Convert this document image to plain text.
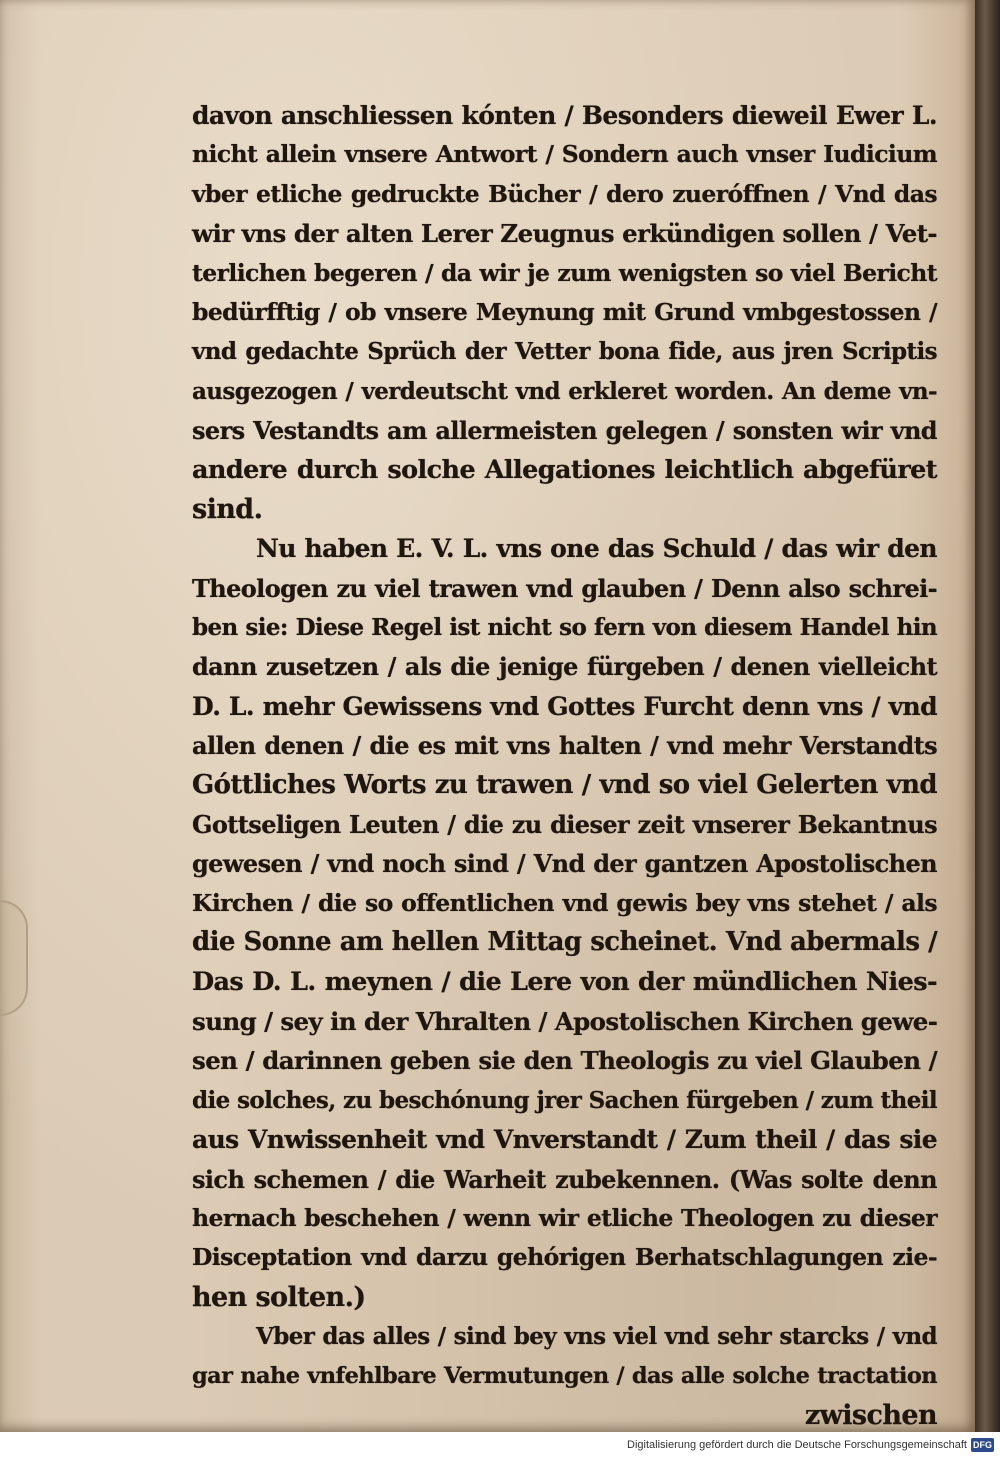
davon anschliessen kónten / Besonders dieweil Ewer L.
nicht allein vnsere Antwort / Sondern auch vnser Iudicium
vber etliche gedruckte Bücher / dero zueróffnen / Vnd das
wir vns der alten Lerer Zeugnus erkündigen sollen / Vet-
terlichen begeren / da wir je zum wenigsten so viel Bericht
bedürfftig / ob vnsere Meynung mit Grund vmbgestossen /
vnd gedachte Sprüch der Vetter bona fide, aus jren Scriptis
ausgezogen / verdeutscht vnd erkleret worden. An deme vn-
sers Vestandts am allermeisten gelegen / sonsten wir vnd
andere durch solche Allegationes leichtlich abgefüret
sind.
Nu haben E. V. L. vns one das Schuld / das wir den
Theologen zu viel trawen vnd glauben / Denn also schrei-
ben sie: Diese Regel ist nicht so fern von diesem Handel hin
dann zusetzen / als die jenige fürgeben / denen vielleicht
D. L. mehr Gewissens vnd Gottes Furcht denn vns / vnd
allen denen / die es mit vns halten / vnd mehr Verstandts
Góttliches Worts zu trawen / vnd so viel Gelerten vnd
Gottseligen Leuten / die zu dieser zeit vnserer Bekantnus
gewesen / vnd noch sind / Vnd der gantzen Apostolischen
Kirchen / die so offentlichen vnd gewis bey vns stehet / als
die Sonne am hellen Mittag scheinet. Vnd abermals /
Das D. L. meynen / die Lere von der mündlichen Nies-
sung / sey in der Vhralten / Apostolischen Kirchen gewe-
sen / darinnen geben sie den Theologis zu viel Glauben /
die solches, zu beschónung jrer Sachen fürgeben / zum theil
aus Vnwissenheit vnd Vnverstandt / Zum theil / das sie
sich schemen / die Warheit zubekennen. (Was solte denn
hernach beschehen / wenn wir etliche Theologen zu dieser
Disceptation vnd darzu gehórigen Berhatschlagungen zie-
hen solten.)
Vber das alles / sind bey vns viel vnd sehr starcks / vnd
gar nahe vnfehlbare Vermutungen / das alle solche tractation
zwischen
Digitalisierung gefördert durch die Deutsche Forschungsgemeinschaft DFG
